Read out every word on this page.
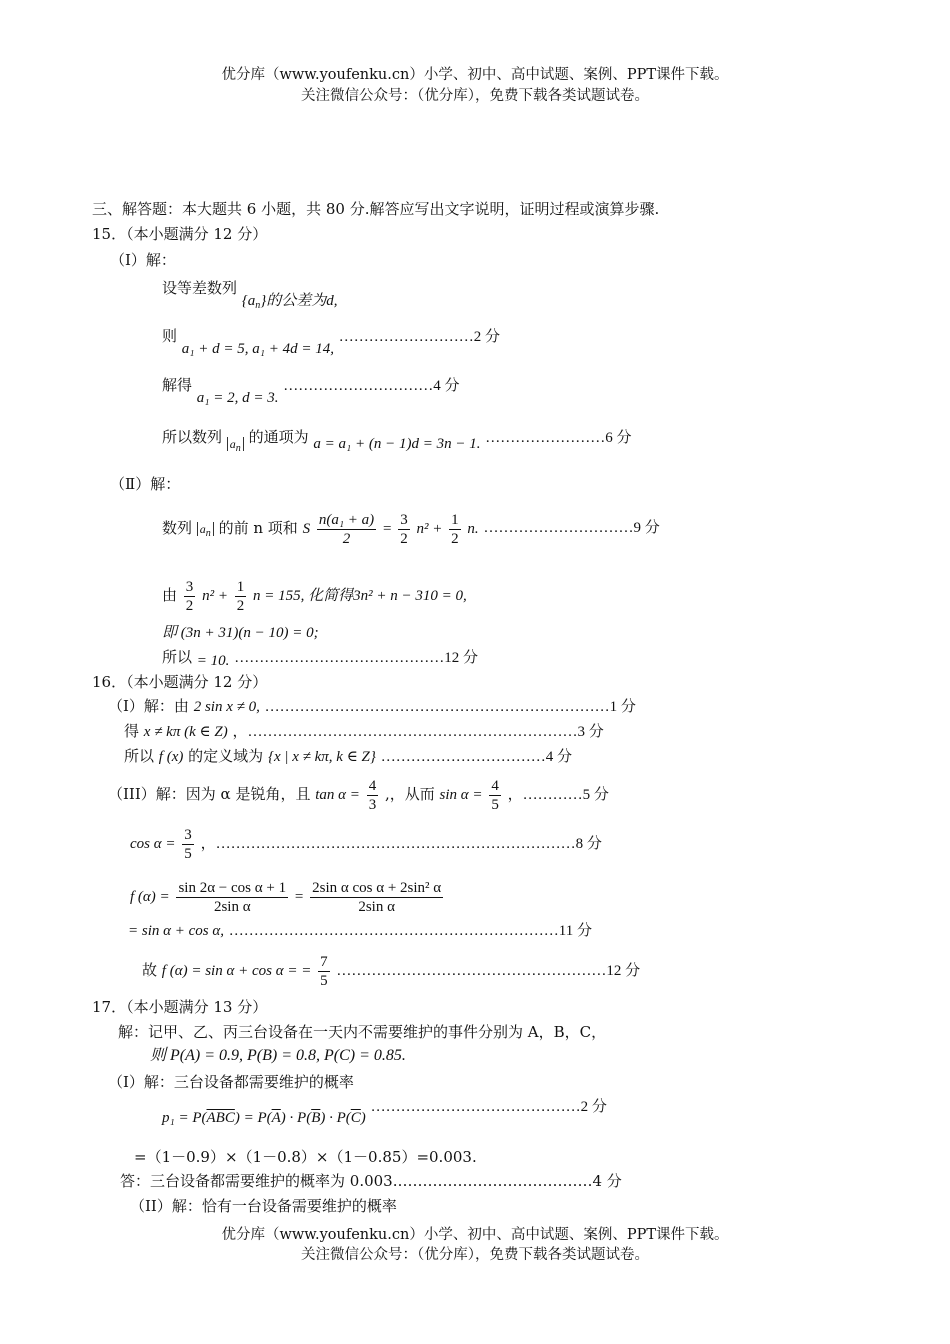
优分库（www.youfenku.cn）小学、初中、高中试题、案例、PPT课件下载。
关注微信公众号：（优分库），免费下载各类试题试卷。
三、解答题：本大题共 6 小题，共 80 分.解答应写出文字说明，证明过程或演算步骤.
15．（本小题满分 12 分）
（Ⅰ）解：
设等差数列 $\{a_n\}$的公差为d,
则 a₁ + d = 5, a₁ + 4d = 14, ………………………2 分
解得 a₁ = 2, d = 3. …………………………4 分
所以数列 $_{a_n}$ 的通项为 a = a₁ + (n − 1)d = 3n − 1. ……………………6 分
（Ⅱ）解：
数列 $a_n$ 的前 n 项和 S $\frac{\text{n(a₁ + a)}}{2} = \frac{3}{2} n^2 + \frac{1}{2} n$. …………………………9 分
由 $\frac{3}{2} n^2 + \frac{1}{2}$ n = 155, 化简得3n² + n − 310 = 0,
即 (3n + 31)(n − 10) = 0;
所以 = 10. ……………………………………12 分
16．（本小题满分 12 分）
（I）解：由 2 sin x ≠ 0, ……………………………………………………………1 分
得 x ≠ kπ (k ∈ Z) ，…………………………………………………………3 分
所以 f (x) 的定义域为 {x | x ≠ kπ, k ∈ Z} ……………………………4 分
（III）解：因为 α 是锐角，且 $\tan \alpha = \frac{4}{3}$ ,，从而 $\sin \alpha = \frac{4}{5}$ ，…………5 分
$\cos \alpha = \frac{3}{5}$ ，………………………………………………………………8 分
f $(\alpha) = \frac{\text{sin 2α − cos α + 1}}{\text{2sin α}} = \frac{\text{2sin α cos α + 2sin² α}}{\text{2sin α}}$
= sin α + cos α, …………………………………………………………11 分
故 f (α) = sin α + cos α = = $\frac{7}{5}$ ………………………………………………12 分
17．（本小题满分 13 分）
解：记甲、乙、丙三台设备在一天内不需要维护的事件分别为 A，B，C，
则 P(A) = 0.9, P(B) = 0.8, P(C) = 0.85.
（I）解：三台设备都需要维护的概率
$p_1 = P(\overline{ABC}) = P(\overline{A}) \cdot P(\overline{B}) \cdot P(\overline{C})$ ……………………………………2 分
=（1－0.9）×（1－0.8）×（1－0.85）=0.003.
答：三台设备都需要维护的概率为 0.003.…………………………………4 分
（II）解：恰有一台设备需要维护的概率
优分库（www.youfenku.cn）小学、初中、高中试题、案例、PPT课件下载。
关注微信公众号：（优分库），免费下载各类试题试卷。
